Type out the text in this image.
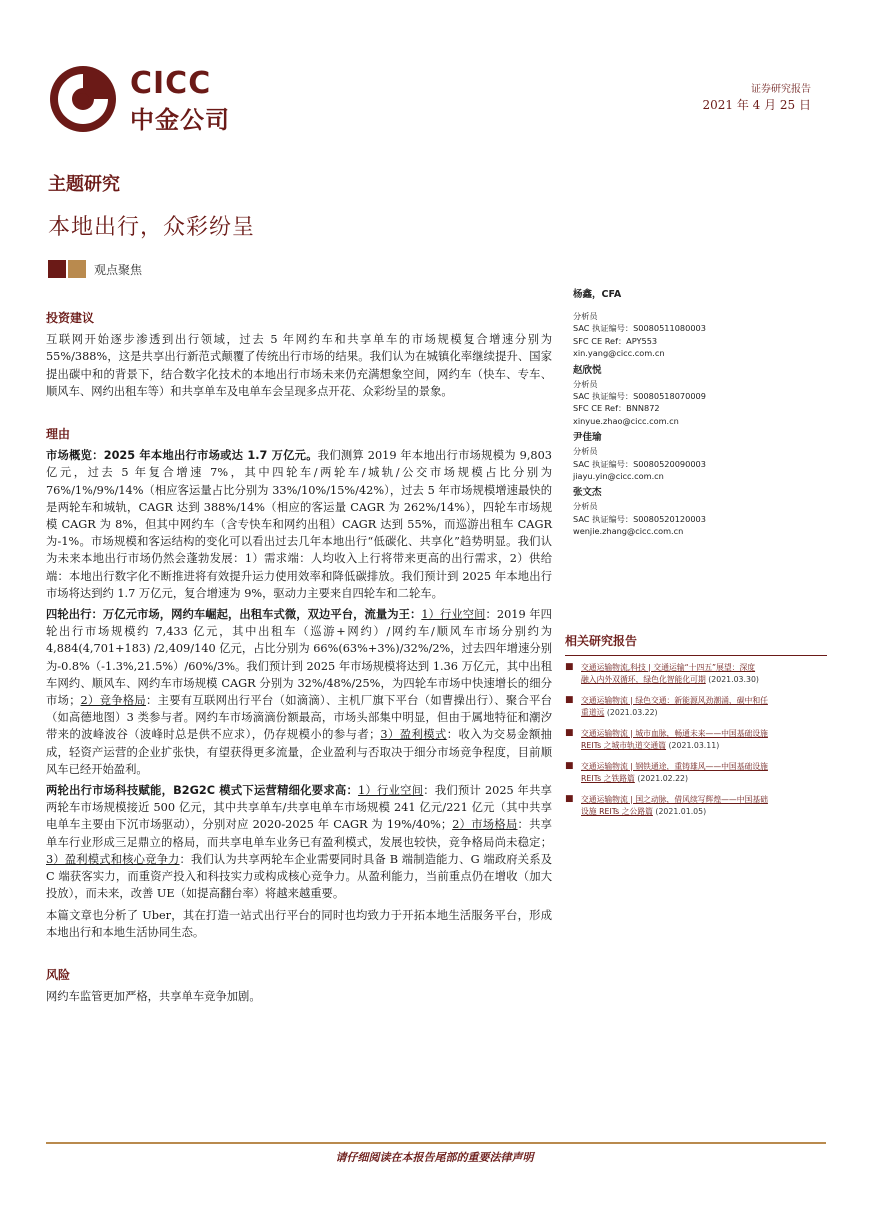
CICC
中金公司
证券研究报告
2021 年 4 月 25 日
主题研究
本地出行，众彩纷呈
观点聚焦
投资建议

互联网开始逐步渗透到出行领域，过去 5 年网约车和共享单车的市场规模复合增速分别为 55%/388%，这是共享出行新范式颠覆了传统出行市场的结果。我们认为在城镇化率继续提升、国家提出碳中和的背景下，结合数字化技术的本地出行市场未来仍充满想象空间，网约车（快车、专车、顺风车、网约出租车等）和共享单车及电单车会呈现多点开花、众彩纷呈的景象。

理由

市场概览：2025 年本地出行市场或达 1.7 万亿元。我们测算 2019 年本地出行市场规模为 9,803 亿元，过去 5 年复合增速 7%，其中四轮车/两轮车/城轨/公交市场规模占比分别为 76%/1%/9%/14%（相应客运量占比分别为 33%/10%/15%/42%），过去 5 年市场规模增速最快的是两轮车和城轨，CAGR 达到 388%/14%（相应的客运量 CAGR 为 262%/14%），四轮车市场规模 CAGR 为 8%，但其中网约车（含专快车和网约出租）CAGR 达到 55%，而巡游出租车 CAGR 为-1%。市场规模和客运结构的变化可以看出过去几年本地出行“低碳化、共享化”趋势明显。我们认为未来本地出行市场仍然会蓬勃发展：1）需求端：人均收入上行将带来更高的出行需求，2）供给端：本地出行数字化不断推进将有效提升运力使用效率和降低碳排放。我们预计到 2025 年本地出行市场将达到约 1.7 万亿元，复合增速为 9%，驱动力主要来自四轮车和二轮车。

四轮出行：万亿元市场，网约车崛起，出租车式微，双边平台，流量为王：1）行业空间：2019 年四轮出行市场规模约 7,433 亿元，其中出租车（巡游+网约）/网约车/顺风车市场分别约为 4,884(4,701+183) /2,409/140 亿元，占比分别为 66%(63%+3%)/32%/2%，过去四年增速分别为-0.8%（-1.3%,21.5%）/60%/3%。我们预计到 2025 年市场规模将达到 1.36 万亿元，其中出租车网约、顺风车、网约车市场规模 CAGR 分别为 32%/48%/25%，为四轮车市场中快速增长的细分市场；2）竞争格局：主要有互联网出行平台（如滴滴）、主机厂旗下平台（如曹操出行）、聚合平台（如高德地图）3 类参与者。网约车市场滴滴份额最高，市场头部集中明显，但由于属地特征和潮汐带来的波峰波谷（波峰时总是供不应求），仍存规模小的参与者；3）盈利模式：收入为交易金额抽成，轻资产运营的企业扩张快，有望获得更多流量，企业盈利与否取决于细分市场竞争程度，目前顺风车已经开始盈利。

两轮出行市场科技赋能，B2G2C 模式下运营精细化要求高：1）行业空间：我们预计 2025 年共享两轮车市场规模接近 500 亿元，其中共享单车/共享电单车市场规模 241 亿元/221 亿元（其中共享电单车主要由下沉市场驱动），分别对应 2020-2025 年 CAGR 为 19%/40%；2）市场格局：共享单车行业形成三足鼎立的格局，而共享电单车业务已有盈利模式，发展也较快，竞争格局尚未稳定；3）盈利模式和核心竞争力：我们认为共享两轮车企业需要同时具备 B 端制造能力、G 端政府关系及 C 端获客实力，而重资产投入和科技实力或构成核心竞争力。从盈利能力，当前重点仍在增收（加大投放），而未来，改善 UE（如提高翻台率）将越来越重要。

本篇文章也分析了 Uber，其在打造一站式出行平台的同时也均致力于开拓本地生活服务平台，形成本地出行和本地生活协同生态。

风险

网约车监管更加严格，共享单车竞争加剧。

杨鑫，CFA
分析员
SAC 执证编号：S0080511080003
SFC CE Ref：APY553
xin.yang@cicc.com.cn
赵欣悦
分析员
SAC 执证编号：S0080518070009
SFC CE Ref：BNN872
xinyue.zhao@cicc.com.cn
尹佳瑜
分析员
SAC 执证编号：S0080520090003
jiayu.yin@cicc.com.cn
张文杰
分析员
SAC 执证编号：S0080520120003
wenjie.zhang@cicc.com.cn
相关研究报告
■ 交通运输物流,科技 | 交通运输“十四五”展望：深度
融入内外双循环，绿色化智能化可期 (2021.03.30)
■ 交通运输物流 | 绿色交通：新能源风劲潮涌，碳中和任
重道远 (2021.03.22)
■ 交通运输物流 | 城市血脉，畅通未来——中国基础设施
REITs 之城市轨道交通篇 (2021.03.11)
■ 交通运输物流 | 钢铁通途，重铸雄风——中国基础设施
REITs 之铁路篇 (2021.02.22)
■ 交通运输物流 | 国之动脉，借风续写辉煌——中国基础
设施 REITs 之公路篇 (2021.01.05)
请仔细阅读在本报告尾部的重要法律声明
